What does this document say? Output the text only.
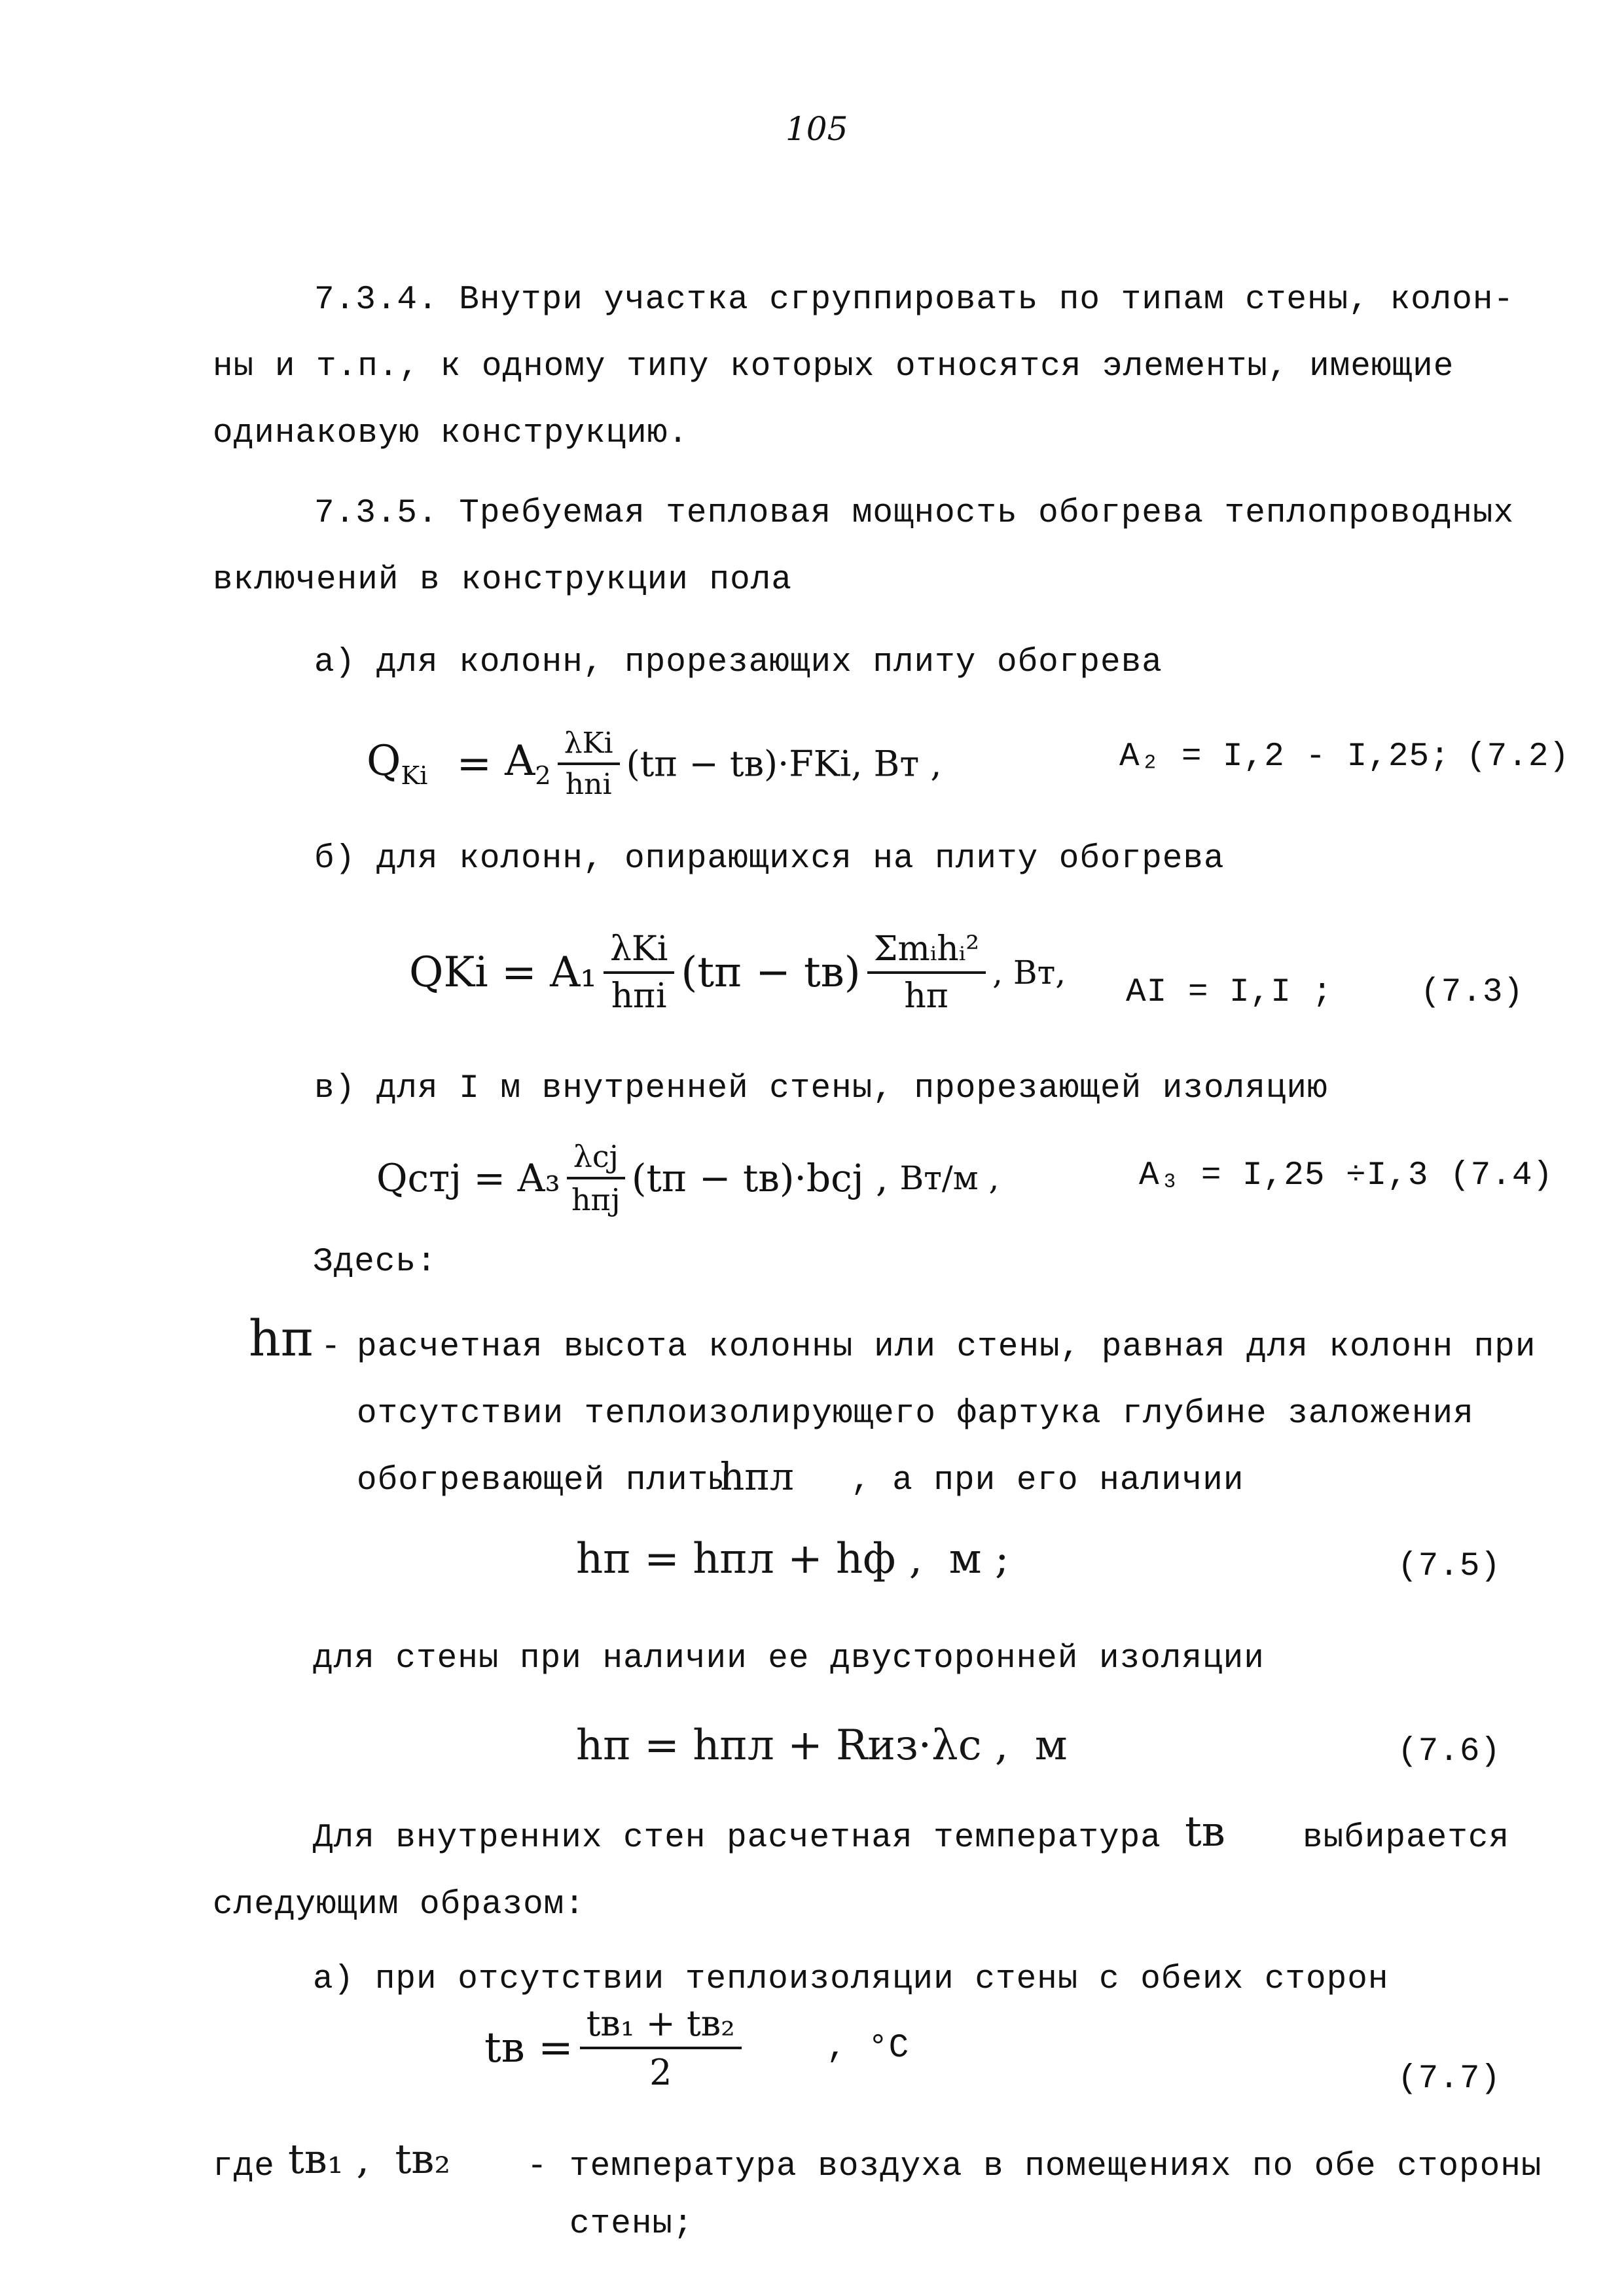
105
7.3.4. Внутри участка сгруппировать по типам стены, колон-
ны и т.п., к одному типу которых относятся элементы, имеющие
одинаковую конструкцию.
7.3.5. Требуемая тепловая мощность обогрева теплопроводных
включений в конструкции пола
а) для колонн, прорезающих плиту обогрева
$Q_{Ki} = A_2 \frac{\text{λKi}}{\text{hni}} (tп - tв)\cdot FKi$, Вт ,	A₂ = I,2 - I,25; (7.2)
б) для колонн, опирающихся на плиту обогрева
QKi = $A_1 \frac{\text{λKi}}{\text{hпi}} (tп - tв) \frac{\text{Σmᵢhᵢ²}}{hп}$ , Вт,
AI = I,I ;	(7.3)
в) для I м внутренней стены, прорезающей изоляцию
Qстj = $A_3 \frac{\text{λcj}}{\text{hпj}} (tп - tв)\cdot bcj$ , Вт/м ,	A₃ = I,25 ÷I,3 (7.4)
Здесь:
hп - расчетная высота колонны или стены, равная для колонн при
отсутствии теплоизолирующего фартука глубине заложения
обогревающей плиты
hпл , а при его наличии
hп = hпл + hф ,  м ;	(7.5)
для стены при наличии ее двусторонней изоляции
hп = hпл + Rиз·λc ,  м	(7.6)
Для внутренних стен расчетная температура tв выбирается
следующим образом:
а) при отсутствии теплоизоляции стены с обеих сторон
tв = $\frac{\text{tв₁ + tв₂}}{2}$	, °C
(7.7)
где tв₁ ,  tв₂ - температура воздуха в помещениях по обе стороны
стены;
